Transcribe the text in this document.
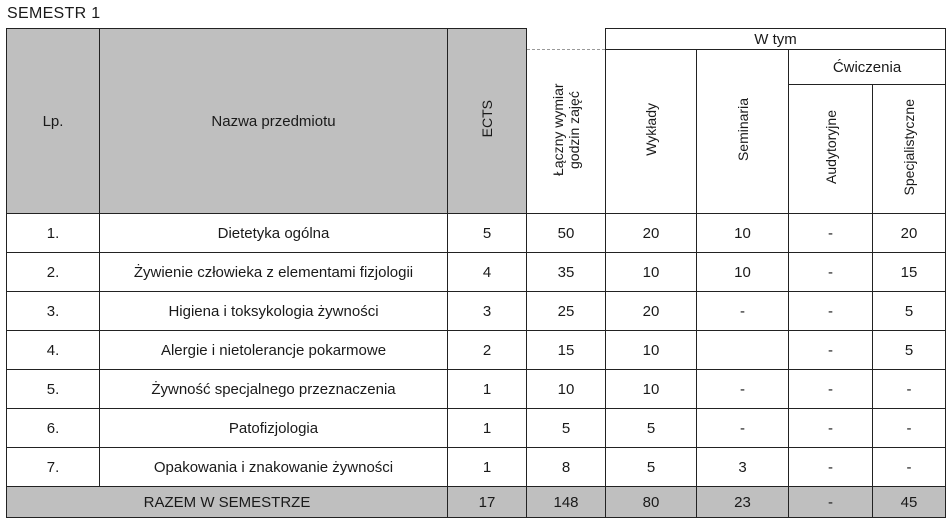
SEMESTR 1
Lp.	Nazwa przedmiotu	ECTS		W tym			
			Łączny wymiar godzin zajęć	Wykłady	Seminaria	Ćwiczenia	
						Audytoryjne	Specjalistyczne
1.	Dietetyka ogólna	5	50	20	10	-	20
2.	Żywienie człowieka z elementami fizjologii	4	35	10	10	-	15
3.	Higiena i toksykologia żywności	3	25	20	-	-	5
4.	Alergie i nietolerancje pokarmowe	2	15	10		-	5
5.	Żywność specjalnego przeznaczenia	1	10	10	-	-	-
6.	Patofizjologia	1	5	5	-	-	-
7.	Opakowania i znakowanie żywności	1	8	5	3	-	-
RAZEM W SEMESTRZE		17	148	80	23	-	45
